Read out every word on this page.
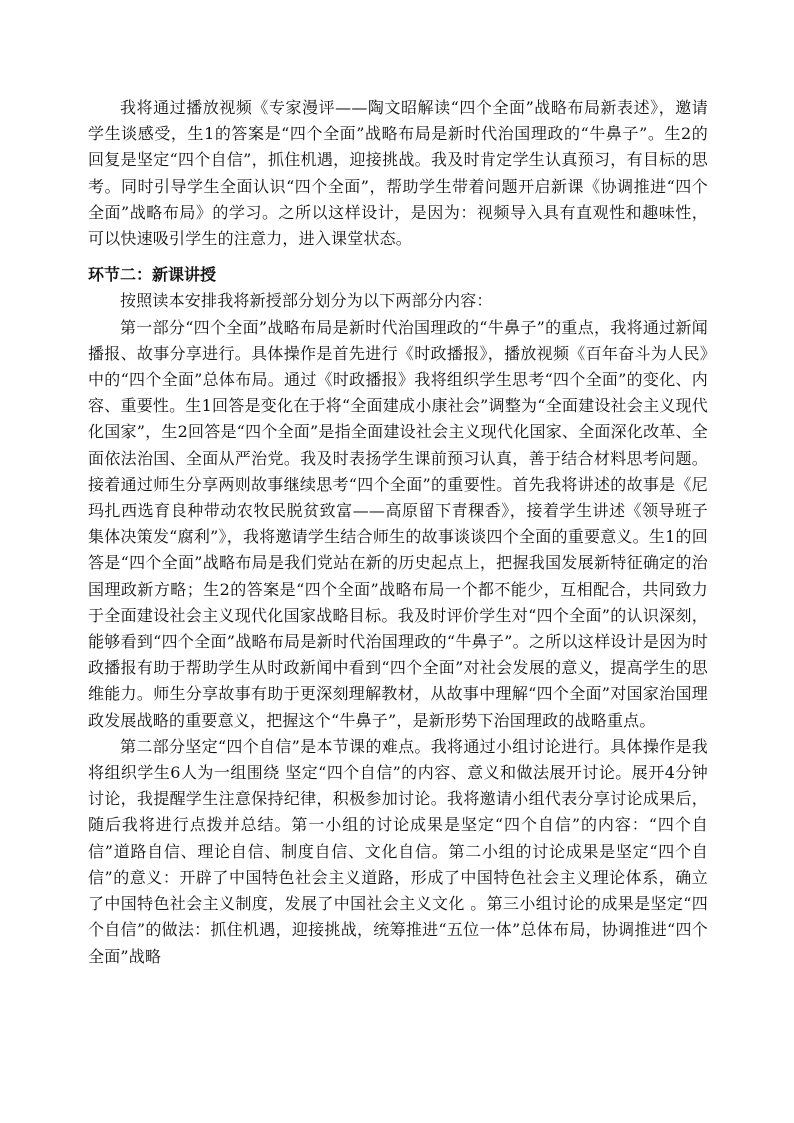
我将通过播放视频《专家漫评——陶文昭解读“四个全面”战略布局新表述》，邀请学生谈感受，生1的答案是“四个全面”战略布局是新时代治国理政的“牛鼻子”。生2的回复是坚定“四个自信”，抓住机遇，迎接挑战。我及时肯定学生认真预习，有目标的思考。同时引导学生全面认识“四个全面”，帮助学生带着问题开启新课《协调推进“四个全面”战略布局》的学习。之所以这样设计，是因为：视频导入具有直观性和趣味性，可以快速吸引学生的注意力，进入课堂状态。

环节二：新课讲授

按照读本安排我将新授部分划分为以下两部分内容：

第一部分“四个全面”战略布局是新时代治国理政的“牛鼻子”的重点，我将通过新闻播报、故事分享进行。具体操作是首先进行《时政播报》，播放视频《百年奋斗为人民》中的“四个全面”总体布局。通过《时政播报》我将组织学生思考“四个全面”的变化、内容、重要性。生1回答是变化在于将“全面建成小康社会”调整为“全面建设社会主义现代化国家”，生2回答是“四个全面”是指全面建设社会主义现代化国家、全面深化改革、全面依法治国、全面从严治党。我及时表扬学生课前预习认真，善于结合材料思考问题。接着通过师生分享两则故事继续思考“四个全面”的重要性。首先我将讲述的故事是《尼玛扎西选育良种带动农牧民脱贫致富——高原留下青稞香》，接着学生讲述《领导班子集体决策发“腐利”》，我将邀请学生结合师生的故事谈谈四个全面的重要意义。生1的回答是“四个全面”战略布局是我们党站在新的历史起点上，把握我国发展新特征确定的治国理政新方略；生2的答案是“四个全面”战略布局一个都不能少，互相配合，共同致力于全面建设社会主义现代化国家战略目标。我及时评价学生对“四个全面”的认识深刻，能够看到“四个全面”战略布局是新时代治国理政的“牛鼻子”。之所以这样设计是因为时政播报有助于帮助学生从时政新闻中看到“四个全面”对社会发展的意义，提高学生的思维能力。师生分享故事有助于更深刻理解教材，从故事中理解“四个全面”对国家治国理政发展战略的重要意义，把握这个“牛鼻子”，是新形势下治国理政的战略重点。

第二部分坚定“四个自信”是本节课的难点。我将通过小组讨论进行。具体操作是我将组织学生6人为一组围绕 坚定“四个自信”的内容、意义和做法展开讨论。展开4分钟讨论，我提醒学生注意保持纪律，积极参加讨论。我将邀请小组代表分享讨论成果后，随后我将进行点拨并总结。第一小组的讨论成果是坚定“四个自信”的内容：“四个自信”道路自信、理论自信、制度自信、文化自信。第二小组的讨论成果是坚定“四个自信”的意义：开辟了中国特色社会主义道路，形成了中国特色社会主义理论体系，确立了中国特色社会主义制度，发展了中国社会主义文化 。第三小组讨论的成果是坚定“四个自信”的做法：抓住机遇，迎接挑战，统筹推进“五位一体”总体布局，协调推进“四个全面”战略
